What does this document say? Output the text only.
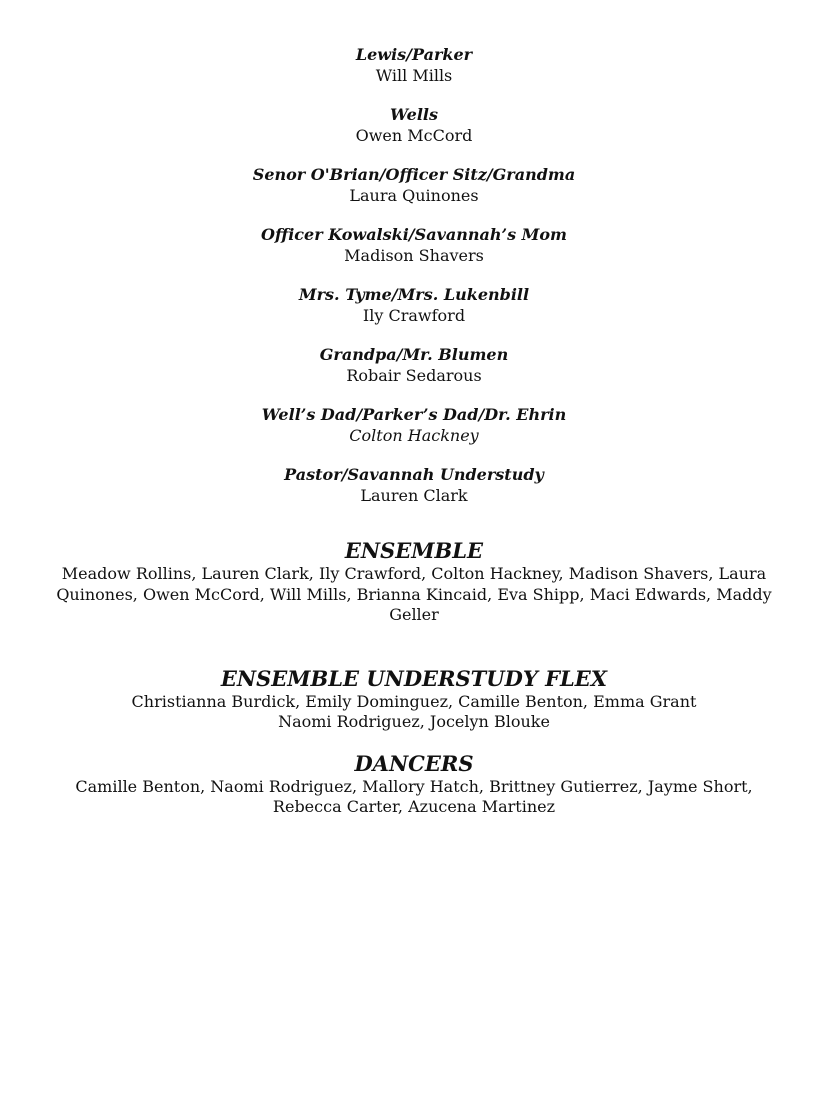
Lewis/Parker
Will Mills
Wells
Owen McCord
Senor O'Brian/Officer Sitz/Grandma
Laura Quinones
Officer Kowalski/Savannah’s Mom
Madison Shavers
Mrs. Tyme/Mrs. Lukenbill
Ily Crawford
Grandpa/Mr. Blumen
Robair Sedarous
Well’s Dad/Parker’s Dad/Dr. Ehrin
Colton Hackney
Pastor/Savannah Understudy
Lauren Clark
ENSEMBLE
Meadow Rollins, Lauren Clark, Ily Crawford, Colton Hackney, Madison Shavers, Laura Quinones, Owen McCord, Will Mills, Brianna Kincaid, Eva Shipp, Maci Edwards, Maddy Geller
ENSEMBLE UNDERSTUDY FLEX
Christianna Burdick, Emily Dominguez, Camille Benton, Emma Grant
Naomi Rodriguez, Jocelyn Blouke
DANCERS
Camille Benton, Naomi Rodriguez, Mallory Hatch, Brittney Gutierrez, Jayme Short,
Rebecca Carter, Azucena Martinez
